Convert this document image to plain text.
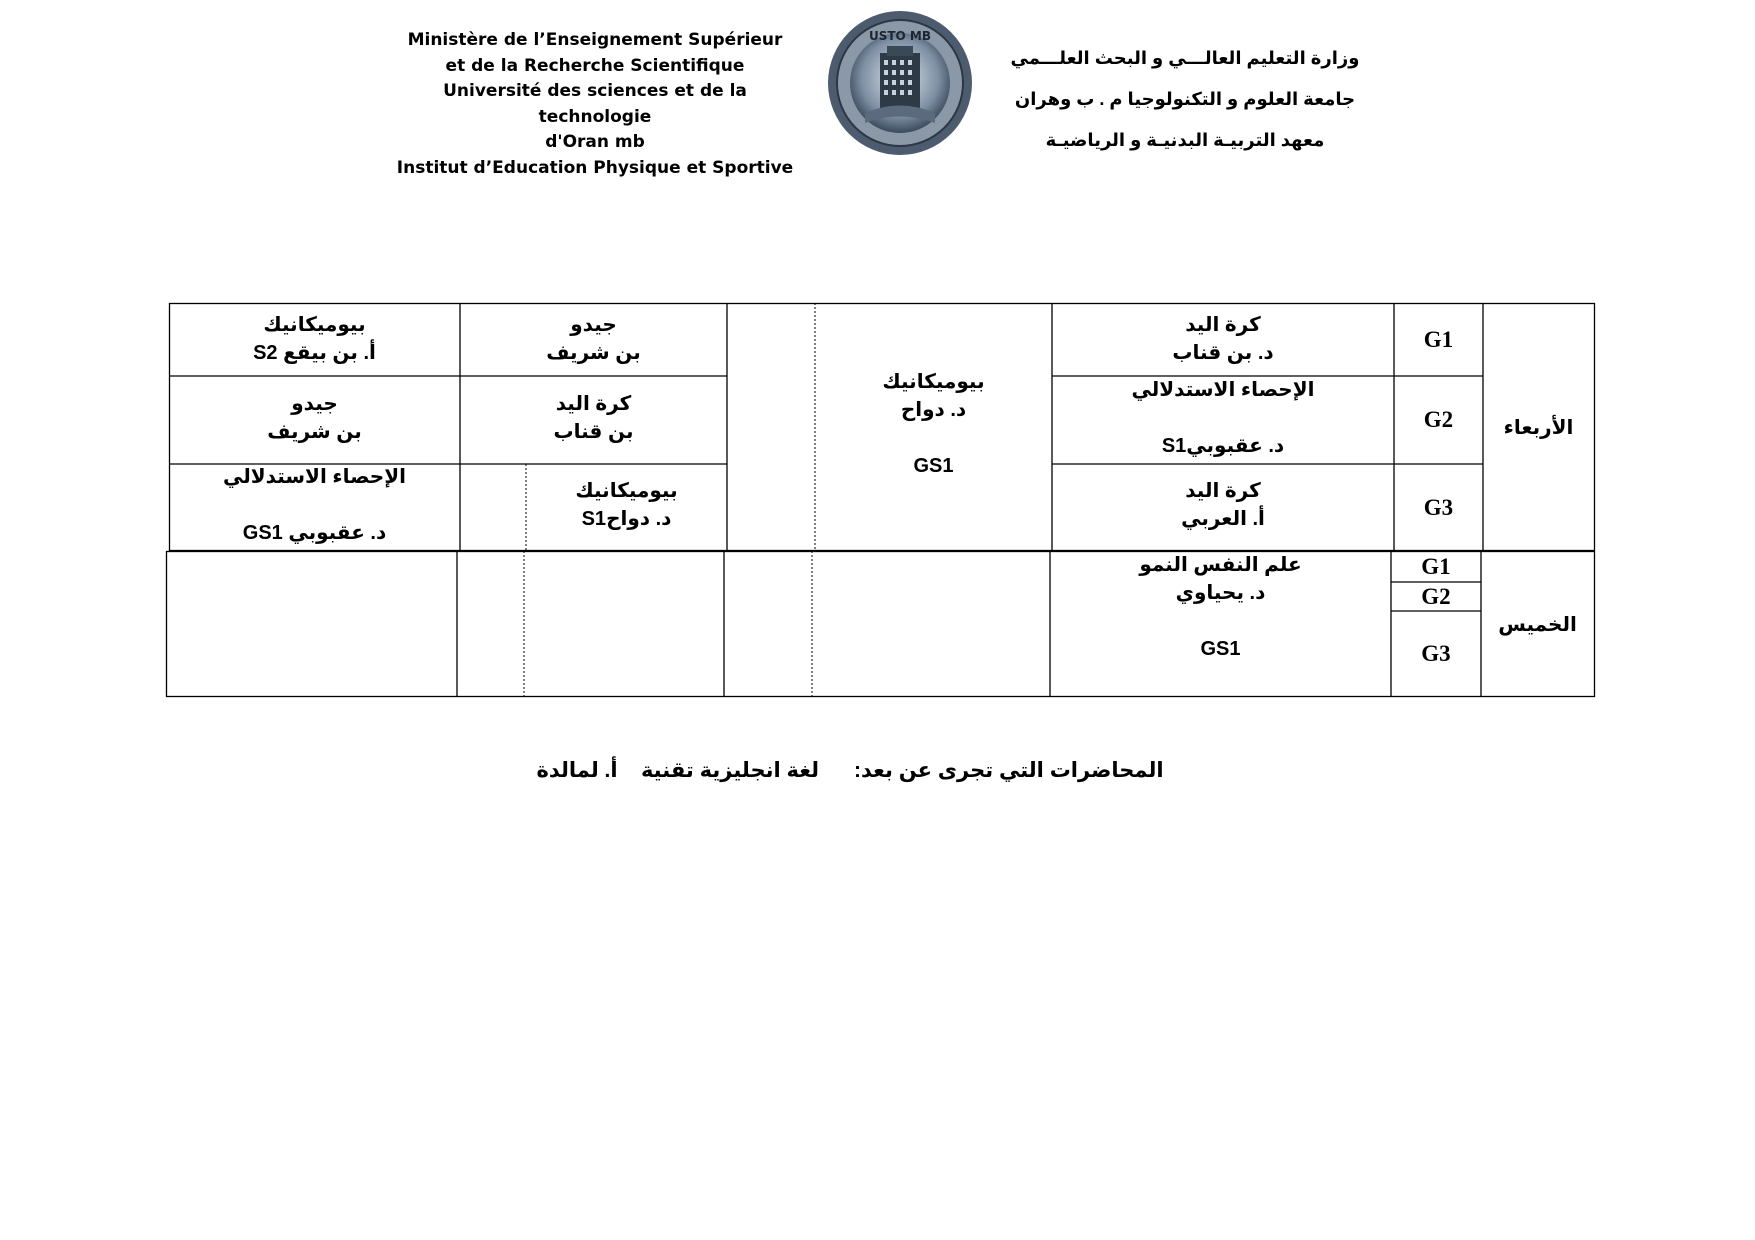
Ministère de l’Enseignement Supérieur
et de la Recherche Scientifique
Université des sciences et de la technologie
d'Oran mb
Institut d’Education Physique et Sportive
USTO MB
وزارة التعليم العالـــي و البحث العلـــمي
جامعة العلوم و التكنولوجيا م . ب وهران
معهد التربيـة البدنيـة و الرياضيـة
الأربعاء
G1
G2
G3
كرة اليد
د. بن قناب
الإحصاء الاستدلالي

د. عقبوبيS1
كرة اليد
أ. العربي
بيوميكانيك
د. دواح

GS1
جيدو
بن شريف
بيوميكانيك
أ. بن بيقع S2
كرة اليد
بن قناب
جيدو
بن شريف
بيوميكانيك
د. دواحS1
الإحصاء الاستدلالي

د. عقبوبي GS1
الخميس
G1
G2
G3
علم النفس النمو
د. يحياوي

GS1
المحاضرات التي تجرى عن بعد:      لغة انجليزية تقنية    أ. لمالدة
